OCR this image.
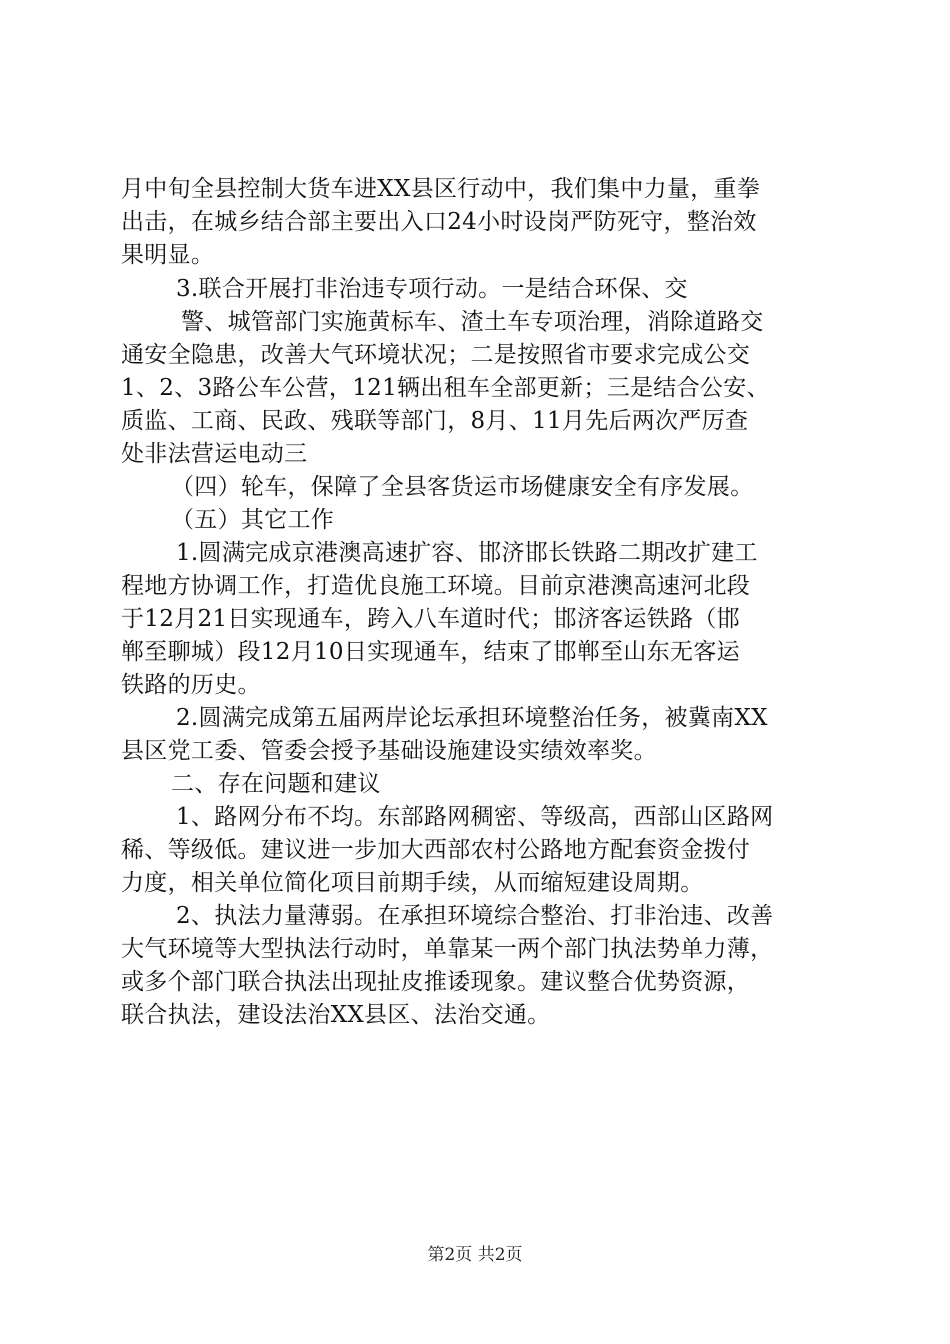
月中旬全县控制大货车进XX县区行动中，我们集中力量，重拳
出击，在城乡结合部主要出入口24小时设岗严防死守，整治效
果明显。
3.联合开展打非治违专项行动。一是结合环保、交
警、城管部门实施黄标车、渣土车专项治理，消除道路交
通安全隐患，改善大气环境状况；二是按照省市要求完成公交
1、2、3路公车公营，121辆出租车全部更新；三是结合公安、
质监、工商、民政、残联等部门，8月、11月先后两次严厉查
处非法营运电动三
（四）轮车，保障了全县客货运市场健康安全有序发展。
（五）其它工作
1.圆满完成京港澳高速扩容、邯济邯长铁路二期改扩建工
程地方协调工作，打造优良施工环境。目前京港澳高速河北段
于12月21日实现通车，跨入八车道时代；邯济客运铁路（邯
郸至聊城）段12月10日实现通车，结束了邯郸至山东无客运
铁路的历史。
2.圆满完成第五届两岸论坛承担环境整治任务，被冀南XX
县区党工委、管委会授予基础设施建设实绩效率奖。
二、存在问题和建议
1、路网分布不均。东部路网稠密、等级高，西部山区路网
稀、等级低。建议进一步加大西部农村公路地方配套资金拨付
力度，相关单位简化项目前期手续，从而缩短建设周期。
2、执法力量薄弱。在承担环境综合整治、打非治违、改善
大气环境等大型执法行动时，单靠某一两个部门执法势单力薄，
或多个部门联合执法出现扯皮推诿现象。建议整合优势资源，
联合执法，建设法治XX县区、法治交通。
第2页 共2页
